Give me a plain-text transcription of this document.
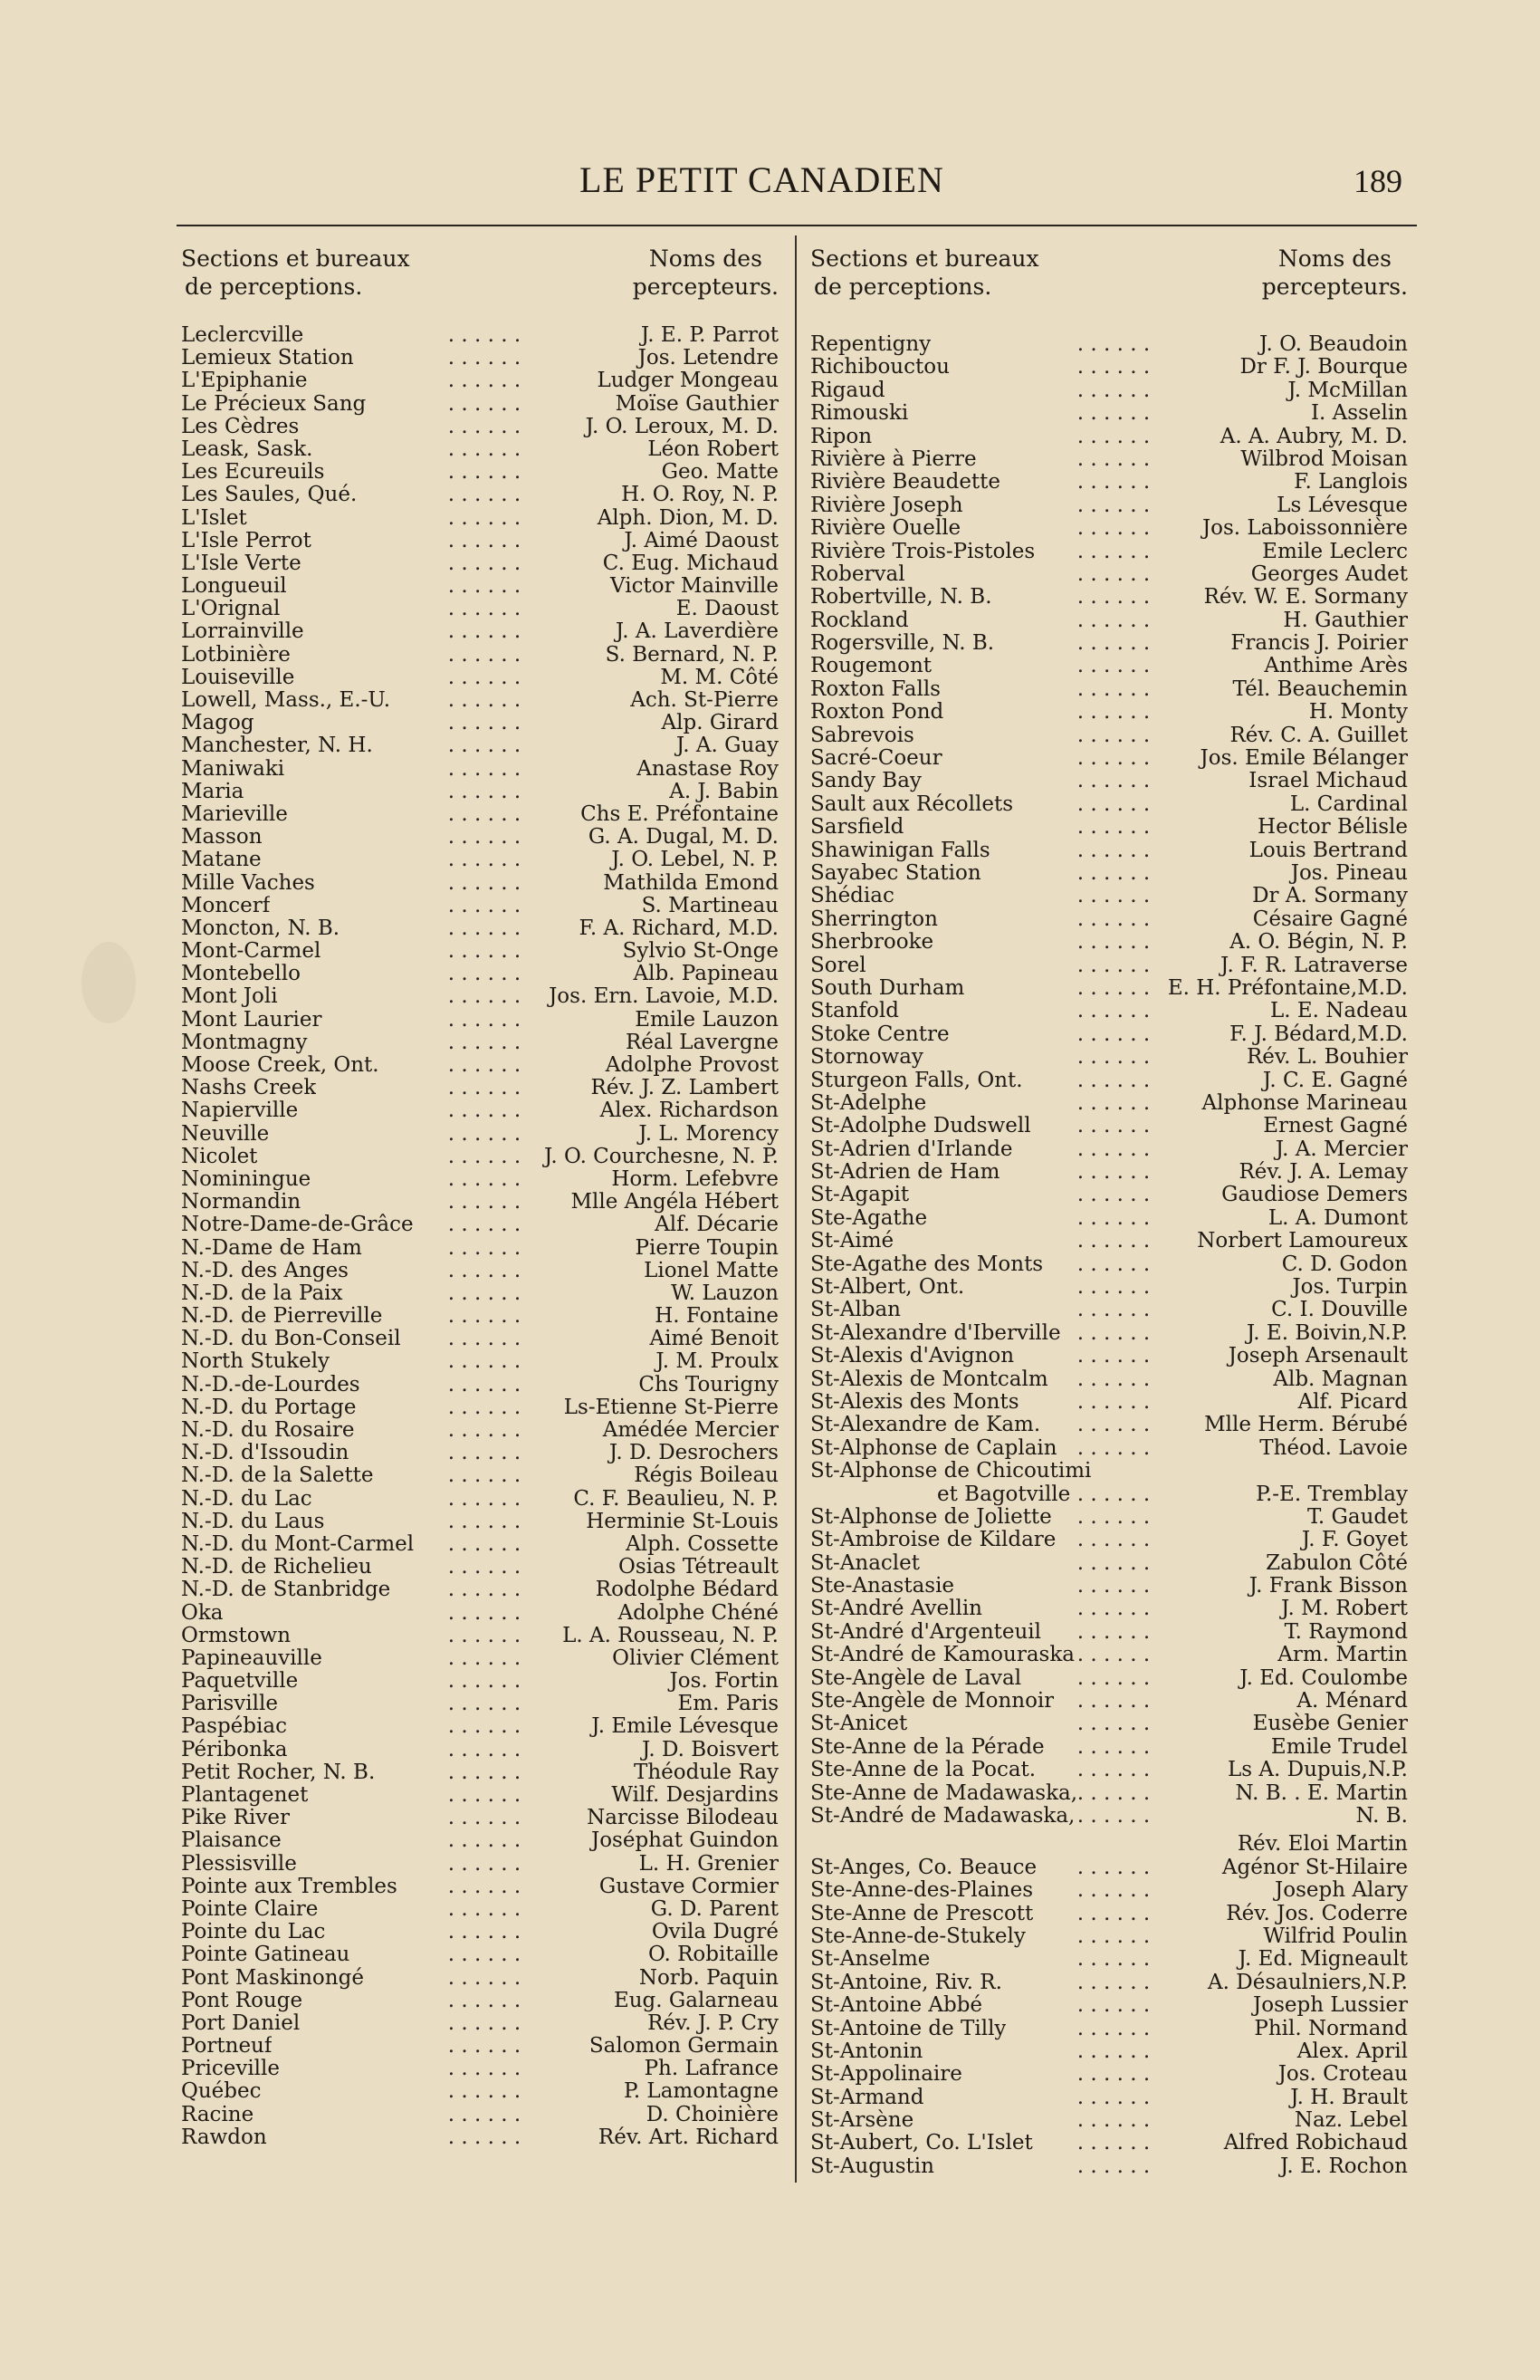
LE PETIT CANADIEN	189
Sections et bureaux
de perceptions.
Noms des
percepteurs.
. . . . . .
Leclercville	J. E. P. Parrot
. . . . . .
Lemieux Station	Jos. Letendre
. . . . . .
L'Epiphanie	Ludger Mongeau
. . . . . .
Le Précieux Sang	Moïse Gauthier
. . . . . .
Les Cèdres	J. O. Leroux, M. D.
. . . . . .
Leask, Sask.	Léon Robert
. . . . . .
Les Ecureuils	Geo. Matte
. . . . . .
Les Saules, Qué.	H. O. Roy, N. P.
. . . . . .
L'Islet	Alph. Dion, M. D.
. . . . . .
L'Isle Perrot	J. Aimé Daoust
. . . . . .
L'Isle Verte	C. Eug. Michaud
. . . . . .
Longueuil	Victor Mainville
. . . . . .
L'Orignal	E. Daoust
. . . . . .
Lorrainville	J. A. Laverdière
. . . . . .
Lotbinière	S. Bernard, N. P.
. . . . . .
Louiseville	M. M. Côté
. . . . . .
Lowell, Mass., E.-U.	Ach. St-Pierre
. . . . . .
Magog	Alp. Girard
. . . . . .
Manchester, N. H.	J. A. Guay
. . . . . .
Maniwaki	Anastase Roy
. . . . . .
Maria	A. J. Babin
. . . . . .
Marieville	Chs E. Préfontaine
. . . . . .
Masson	G. A. Dugal, M. D.
. . . . . .
Matane	J. O. Lebel, N. P.
. . . . . .
Mille Vaches	Mathilda Emond
. . . . . .
Moncerf	S. Martineau
. . . . . .
Moncton, N. B.	F. A. Richard, M.D.
. . . . . .
Mont-Carmel	Sylvio St-Onge
. . . . . .
Montebello	Alb. Papineau
. . . . . .
Mont Joli	Jos. Ern. Lavoie, M.D.
. . . . . .
Mont Laurier	Emile Lauzon
. . . . . .
Montmagny	Réal Lavergne
. . . . . .
Moose Creek, Ont.	Adolphe Provost
. . . . . .
Nashs Creek	Rév. J. Z. Lambert
. . . . . .
Napierville	Alex. Richardson
. . . . . .
Neuville	J. L. Morency
. . . . . .
Nicolet	J. O. Courchesne, N. P.
. . . . . .
Nominingue	Horm. Lefebvre
. . . . . .
Normandin	Mlle Angéla Hébert
. . . . . .
Notre-Dame-de-Grâce	Alf. Décarie
. . . . . .
N.-Dame de Ham	Pierre Toupin
. . . . . .
N.-D. des Anges	Lionel Matte
. . . . . .
N.-D. de la Paix	W. Lauzon
. . . . . .
N.-D. de Pierreville	H. Fontaine
. . . . . .
N.-D. du Bon-Conseil	Aimé Benoit
. . . . . .
North Stukely	J. M. Proulx
. . . . . .
N.-D.-de-Lourdes	Chs Tourigny
. . . . . .
N.-D. du Portage	Ls-Etienne St-Pierre
. . . . . .
N.-D. du Rosaire	Amédée Mercier
. . . . . .
N.-D. d'Issoudin	J. D. Desrochers
. . . . . .
N.-D. de la Salette	Régis Boileau
. . . . . .
N.-D. du Lac	C. F. Beaulieu, N. P.
. . . . . .
N.-D. du Laus	Herminie St-Louis
. . . . . .
N.-D. du Mont-Carmel	Alph. Cossette
. . . . . .
N.-D. de Richelieu	Osias Tétreault
. . . . . .
N.-D. de Stanbridge	Rodolphe Bédard
. . . . . .
Oka	Adolphe Chéné
. . . . . .
Ormstown	L. A. Rousseau, N. P.
. . . . . .
Papineauville	Olivier Clément
. . . . . .
Paquetville	Jos. Fortin
. . . . . .
Parisville	Em. Paris
. . . . . .
Paspébiac	J. Emile Lévesque
. . . . . .
Péribonka	J. D. Boisvert
. . . . . .
Petit Rocher, N. B.	Théodule Ray
. . . . . .
Plantagenet	Wilf. Desjardins
. . . . . .
Pike River	Narcisse Bilodeau
. . . . . .
Plaisance	Joséphat Guindon
. . . . . .
Plessisville	L. H. Grenier
. . . . . .
Pointe aux Trembles	Gustave Cormier
. . . . . .
Pointe Claire	G. D. Parent
. . . . . .
Pointe du Lac	Ovila Dugré
. . . . . .
Pointe Gatineau	O. Robitaille
. . . . . .
Pont Maskinongé	Norb. Paquin
. . . . . .
Pont Rouge	Eug. Galarneau
. . . . . .
Port Daniel	Rév. J. P. Cry
. . . . . .
Portneuf	Salomon Germain
. . . . . .
Priceville	Ph. Lafrance
. . . . . .
Québec	P. Lamontagne
. . . . . .
Racine	D. Choinière
. . . . . .
Rawdon	Rév. Art. Richard
Sections et bureaux
de perceptions.
Noms des
percepteurs.
. . . . . .
Repentigny	J. O. Beaudoin
. . . . . .
Richibouctou	Dr F. J. Bourque
. . . . . .
Rigaud	J. McMillan
. . . . . .
Rimouski	I. Asselin
. . . . . .
Ripon	A. A. Aubry, M. D.
. . . . . .
Rivière à Pierre	Wilbrod Moisan
. . . . . .
Rivière Beaudette	F. Langlois
. . . . . .
Rivière Joseph	Ls Lévesque
. . . . . .
Rivière Ouelle	Jos. Laboissonnière
. . . . . .
Rivière Trois-Pistoles	Emile Leclerc
. . . . . .
Roberval	Georges Audet
. . . . . .
Robertville, N. B.	Rév. W. E. Sormany
. . . . . .
Rockland	H. Gauthier
. . . . . .
Rogersville, N. B.	Francis J. Poirier
. . . . . .
Rougemont	Anthime Arès
. . . . . .
Roxton Falls	Tél. Beauchemin
. . . . . .
Roxton Pond	H. Monty
. . . . . .
Sabrevois	Rév. C. A. Guillet
. . . . . .
Sacré-Coeur	Jos. Emile Bélanger
. . . . . .
Sandy Bay	Israel Michaud
. . . . . .
Sault aux Récollets	L. Cardinal
. . . . . .
Sarsfield	Hector Bélisle
. . . . . .
Shawinigan Falls	Louis Bertrand
. . . . . .
Sayabec Station	Jos. Pineau
. . . . . .
Shédiac	Dr A. Sormany
. . . . . .
Sherrington	Césaire Gagné
. . . . . .
Sherbrooke	A. O. Bégin, N. P.
. . . . . .
Sorel	J. F. R. Latraverse
. . . . . .
South Durham	E. H. Préfontaine,M.D.
. . . . . .
Stanfold	L. E. Nadeau
. . . . . .
Stoke Centre	F. J. Bédard,M.D.
. . . . . .
Stornoway	Rév. L. Bouhier
. . . . . .
Sturgeon Falls, Ont.	J. C. E. Gagné
. . . . . .
St-Adelphe	Alphonse Marineau
. . . . . .
St-Adolphe Dudswell	Ernest Gagné
. . . . . .
St-Adrien d'Irlande	J. A. Mercier
. . . . . .
St-Adrien de Ham	Rév. J. A. Lemay
. . . . . .
St-Agapit	Gaudiose Demers
. . . . . .
Ste-Agathe	L. A. Dumont
. . . . . .
St-Aimé	Norbert Lamoureux
. . . . . .
Ste-Agathe des Monts	C. D. Godon
. . . . . .
St-Albert, Ont.	Jos. Turpin
. . . . . .
St-Alban	C. I. Douville
. . . . . .
St-Alexandre d'Iberville	J. E. Boivin,N.P.
. . . . . .
St-Alexis d'Avignon	Joseph Arsenault
. . . . . .
St-Alexis de Montcalm	Alb. Magnan
. . . . . .
St-Alexis des Monts	Alf. Picard
. . . . . .
St-Alexandre de Kam.	Mlle Herm. Bérubé
. . . . . .
St-Alphonse de Caplain	Théod. Lavoie
St-Alphonse de Chicoutimi
. . . . . .
et Bagotville	P.-E. Tremblay
. . . . . .
St-Alphonse de Joliette	T. Gaudet
. . . . . .
St-Ambroise de Kildare	J. F. Goyet
. . . . . .
St-Anaclet	Zabulon Côté
. . . . . .
Ste-Anastasie	J. Frank Bisson
. . . . . .
St-André Avellin	J. M. Robert
. . . . . .
St-André d'Argenteuil	T. Raymond
. . . . . .
St-André de Kamouraska	Arm. Martin
. . . . . .
Ste-Angèle de Laval	J. Ed. Coulombe
. . . . . .
Ste-Angèle de Monnoir	A. Ménard
. . . . . .
St-Anicet	Eusèbe Genier
. . . . . .
Ste-Anne de la Pérade	Emile Trudel
. . . . . .
Ste-Anne de la Pocat.	Ls A. Dupuis,N.P.
. . . . . .
Ste-Anne de Madawaska,	N. B. . E. Martin
. . . . . .
St-André de Madawaska,	N. B.
Rév. Eloi Martin
. . . . . .
St-Anges, Co. Beauce	Agénor St-Hilaire
. . . . . .
Ste-Anne-des-Plaines	Joseph Alary
. . . . . .
Ste-Anne de Prescott	Rév. Jos. Coderre
. . . . . .
Ste-Anne-de-Stukely	Wilfrid Poulin
. . . . . .
St-Anselme	J. Ed. Migneault
. . . . . .
St-Antoine, Riv. R.	A. Désaulniers,N.P.
. . . . . .
St-Antoine Abbé	Joseph Lussier
. . . . . .
St-Antoine de Tilly	Phil. Normand
. . . . . .
St-Antonin	Alex. April
. . . . . .
St-Appolinaire	Jos. Croteau
. . . . . .
St-Armand	J. H. Brault
. . . . . .
St-Arsène	Naz. Lebel
. . . . . .
St-Aubert, Co. L'Islet	Alfred Robichaud
. . . . . .
St-Augustin	J. E. Rochon
